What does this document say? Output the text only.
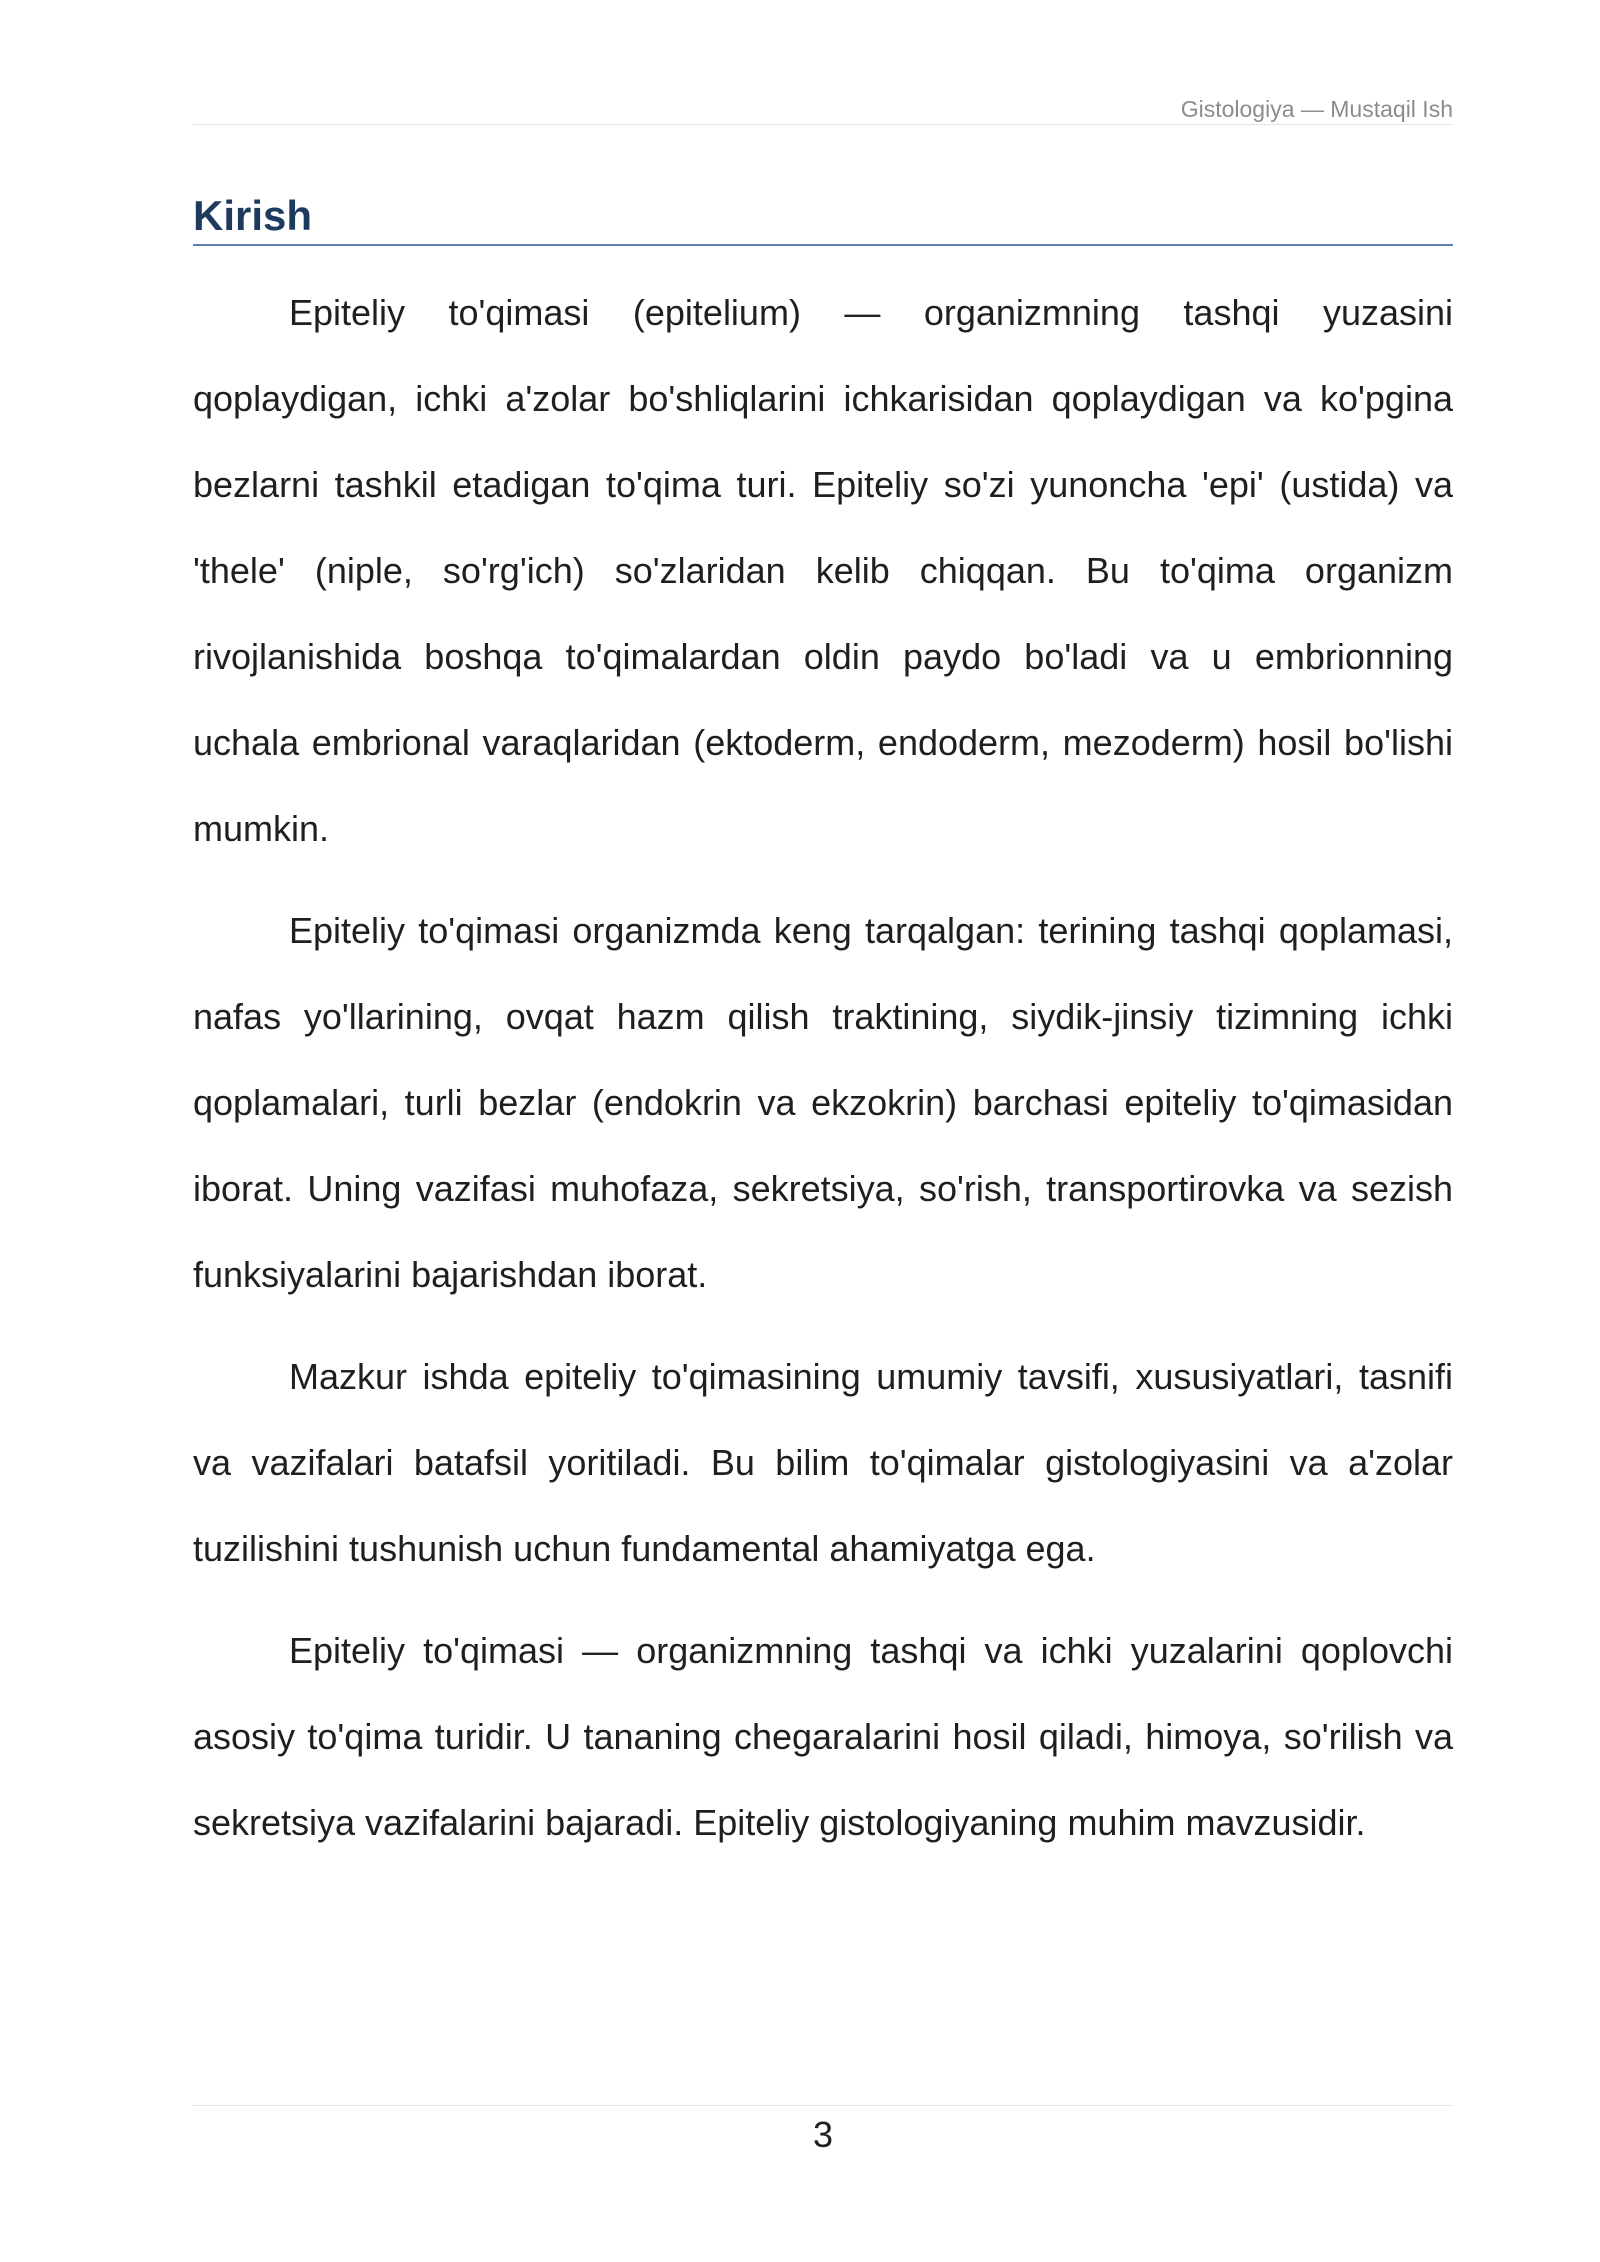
Gistologiya — Mustaqil Ish
Kirish

Epiteliy to'qimasi (epitelium) — organizmning tashqi yuzasini qoplaydigan, ichki a'zolar bo'shliqlarini ichkarisidan qoplaydigan va ko'pgina bezlarni tashkil etadigan to'qima turi. Epiteliy so'zi yunoncha 'epi' (ustida) va 'thele' (niple, so'rg'ich) so'zlaridan kelib chiqqan. Bu to'qima organizm rivojlanishida boshqa to'qimalardan oldin paydo bo'ladi va u embrionning uchala embrional varaqlaridan (ektoderm, endoderm, mezoderm) hosil bo'lishi mumkin.

Epiteliy to'qimasi organizmda keng tarqalgan: terining tashqi qoplamasi, nafas yo'llarining, ovqat hazm qilish traktining, siydik-jinsiy tizimning ichki qoplamalari, turli bezlar (endokrin va ekzokrin) barchasi epiteliy to'qimasidan iborat. Uning vazifasi muhofaza, sekretsiya, so'rish, transportirovka va sezish funksiyalarini bajarishdan iborat.

Mazkur ishda epiteliy to'qimasining umumiy tavsifi, xususiyatlari, tasnifi va vazifalari batafsil yoritiladi. Bu bilim to'qimalar gistologiyasini va a'zolar tuzilishini tushunish uchun fundamental ahamiyatga ega.

Epiteliy to'qimasi — organizmning tashqi va ichki yuzalarini qoplovchi asosiy to'qima turidir. U tananing chegaralarini hosil qiladi, himoya, so'rilish va sekretsiya vazifalarini bajaradi. Epiteliy gistologiyaning muhim mavzusidir.

3
